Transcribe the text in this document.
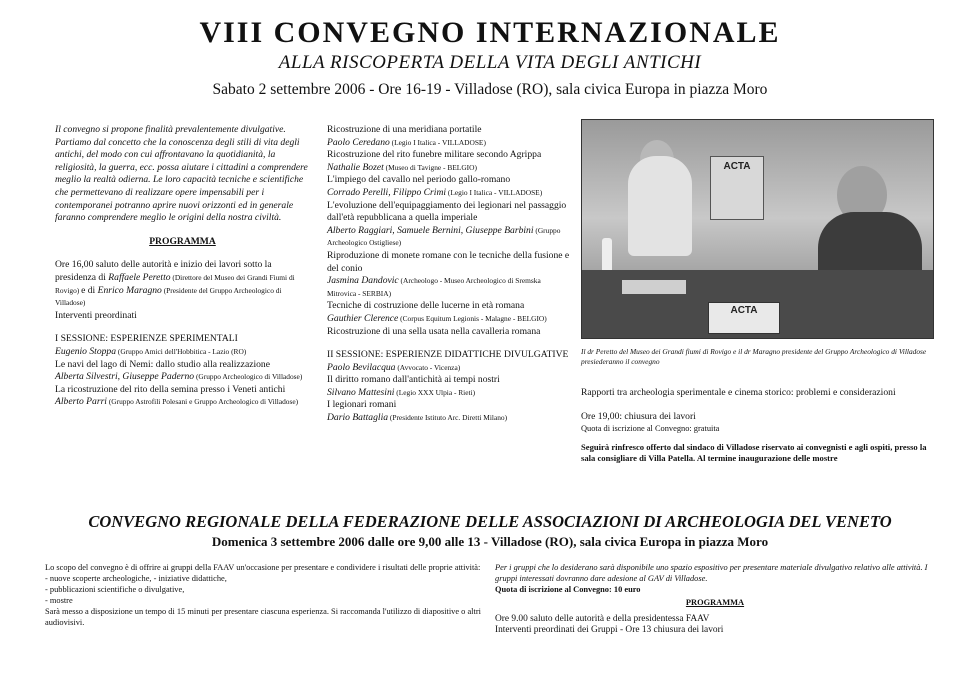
VIII CONVEGNO INTERNAZIONALE
ALLA RISCOPERTA DELLA VITA DEGLI ANTICHI
Sabato 2 settembre 2006 - Ore 16-19 - Villadose (RO), sala civica Europa in piazza Moro

Il convegno si propone finalità prevalentemente divulgative. Partiamo dal concetto che la conoscenza degli stili di vita degli antichi, del modo con cui affrontavano la quotidianità, la religiosità, la guerra, ecc. possa aiutare i cittadini a comprendere meglio la realtà odierna. Le loro capacità tecniche e scientifiche che permettevano di realizzare opere impensabili per i contemporanei potranno aprire nuovi orizzonti ed in generale faranno comprendere meglio le origini della nostra civiltà.

PROGRAMMA

Ore 16,00 saluto delle autorità e inizio dei lavori sotto la presidenza di Raffaele Peretto (Direttore del Museo dei Grandi Fiumi di Rovigo) e di Enrico Maragno (Presidente del Gruppo Archeologico di Villadose)

Interventi preordinati

I SESSIONE: ESPERIENZE SPERIMENTALI

Eugenio Stoppa (Gruppo Amici dell'Hobbitica - Lazio (RO)

Le navi del lago di Nemi: dallo studio alla realizzazione

Alberta Silvestri, Giuseppe Paderno (Gruppo Archeologico di Villadose)

La ricostruzione del rito della semina presso i Veneti antichi

Alberto Parri (Gruppo Astrofili Polesani e Gruppo Archeologico di Villadose)

Ricostruzione di una meridiana portatile

Paolo Ceredano (Legio I Italica - VILLADOSE)

Ricostruzione del rito funebre militare secondo Agrippa

Nathalie Bozet (Museo di Tavigne - BELGIO)

L'impiego del cavallo nel periodo gallo-romano

Corrado Perelli, Filippo Crimi (Legio I Italica - VILLADOSE)

L'evoluzione dell'equipaggiamento dei legionari nel passaggio dall'età repubblicana a quella imperiale

Alberto Raggiari, Samuele Bernini, Giuseppe Barbini (Gruppo Archeologico Ostigliese)

Riproduzione di monete romane con le tecniche della fusione e del conio

Jasmina Dandovic (Archeologo - Museo Archeologico di Sremska Mitrovica - SERBIA)

Tecniche di costruzione delle lucerne in età romana

Gauthier Clerence (Corpus Equitum Legionis - Malagne - BELGIO)

Ricostruzione di una sella usata nella cavalleria romana

II SESSIONE: ESPERIENZE DIDATTICHE DIVULGATIVE

Paolo Bevilacqua (Avvocato - Vicenza)

Il diritto romano dall'antichità ai tempi nostri

Silvano Mattesini (Legio XXX Ulpia - Rieti)

I legionari romani

Dario Battaglia (Presidente Istituto Arc. Diretti Milano)

ACTA
ACTA

Il dr Peretto del Museo dei Grandi fiumi di Rovigo e il dr Maragno presidente del Gruppo Archeologico di Villadose presiederanno il convegno

Rapporti tra archeologia sperimentale e cinema storico: problemi e considerazioni

Ore 19,00: chiusura dei lavori

Quota di iscrizione al Convegno: gratuita

Seguirà rinfresco offerto dal sindaco di Villadose riservato ai convegnisti e agli ospiti, presso la sala consigliare di Villa Patella. Al termine inaugurazione delle mostre

CONVEGNO REGIONALE DELLA FEDERAZIONE DELLE ASSOCIAZIONI DI ARCHEOLOGIA DEL VENETO
Domenica 3 settembre 2006 dalle ore 9,00 alle 13 - Villadose (RO), sala civica Europa in piazza Moro

Lo scopo del convegno è di offrire ai gruppi della FAAV un'occasione per presentare e condividere i risultati delle proprie attività:

- nuove scoperte archeologiche, - iniziative didattiche,

- pubblicazioni scientifiche o divulgative,

- mostre

Sarà messo a disposizione un tempo di 15 minuti per presentare ciascuna esperienza. Si raccomanda l'utilizzo di diapositive o altri audiovisivi.

Per i gruppi che lo desiderano sarà disponibile uno spazio espositivo per presentare materiale divulgativo relativo alle attività. I gruppi interessati dovranno dare adesione al GAV di Villadose.

Quota di iscrizione al Convegno: 10 euro

PROGRAMMA

Ore 9.00 saluto delle autorità e della presidentessa FAAV

Interventi preordinati dei Gruppi - Ore 13 chiusura dei lavori
